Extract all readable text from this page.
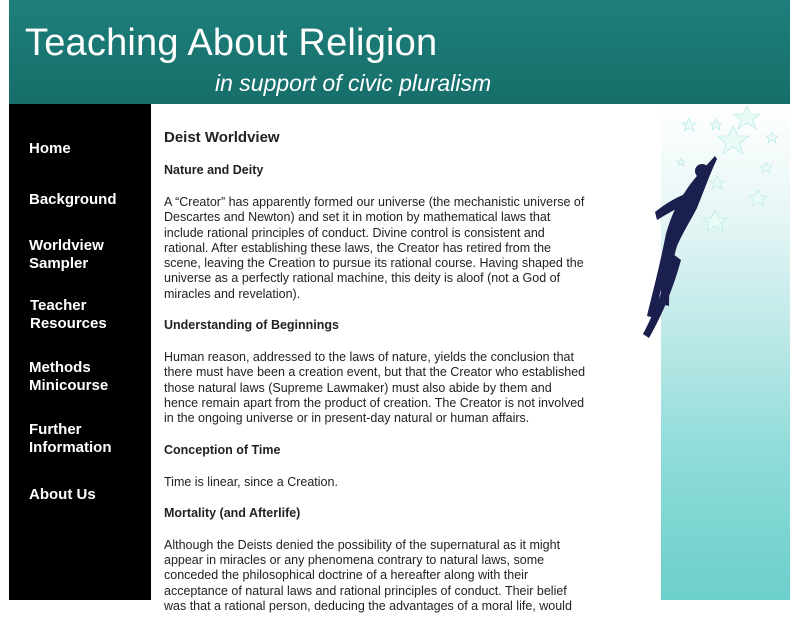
Teaching About Religion
in support of civic pluralism
Home
Background
Worldview
Sampler
Teacher
Resources
Methods
Minicourse
Further
Information
About Us
Deist Worldview
Nature and Deity

A “Creator” has apparently formed our universe (the mechanistic universe of Descartes and Newton) and set it in motion by mathematical laws that include rational principles of conduct. Divine control is consistent and rational. After establishing these laws, the Creator has retired from the scene, leaving the Creation to pursue its rational course. Having shaped the universe as a perfectly rational machine, this deity is aloof (not a God of miracles and revelation).

Understanding of Beginnings

Human reason, addressed to the laws of nature, yields the conclusion that there must have been a creation event, but that the Creator who established those natural laws (Supreme Lawmaker) must also abide by them and hence remain apart from the product of creation. The Creator is not involved in the ongoing universe or in present-day natural or human affairs.

Conception of Time

Time is linear, since a Creation.

Mortality (and Afterlife)

Although the Deists denied the possibility of the supernatural as it might appear in miracles or any phenomena contrary to natural laws, some conceded the philosophical doctrine of a hereafter along with their acceptance of natural laws and rational principles of conduct. Their belief was that a rational person, deducing the advantages of a moral life, would
